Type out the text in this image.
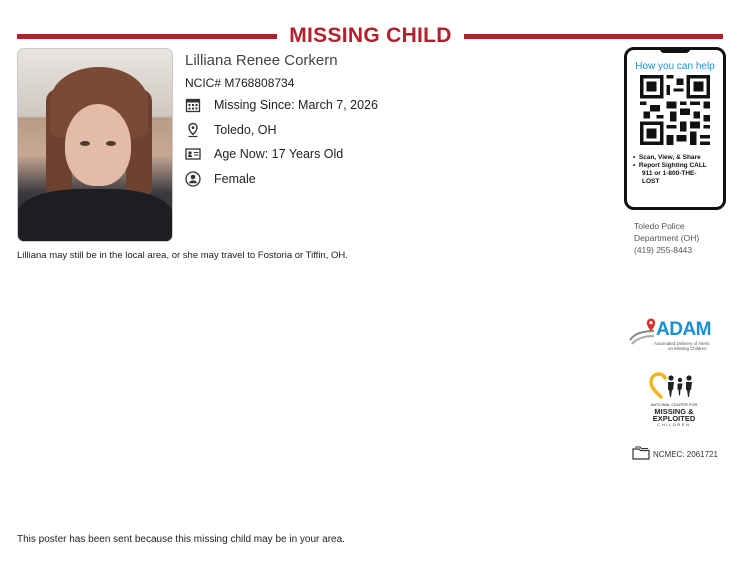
MISSING CHILD
Lilliana Renee Corkern
NCIC# M768808734
Missing Since: March 7, 2026
Toledo, OH
Age Now: 17 Years Old
Female
Lilliana may still be in the local area, or she may travel to Fostoria or Tiffin, OH.
How you can help
•  Scan, View, & Share
•  Report Sighting CALL
911 or 1-800-THE-
LOST
Toledo Police
Department (OH)
(419) 255-8443
ADAM
Automated Delivery of Alerts
on Missing Children
NATIONAL CENTER FOR
MISSING &
EXPLOITED
CHILDREN
NCMEC: 2061721
This poster has been sent because this missing child may be in your area.
